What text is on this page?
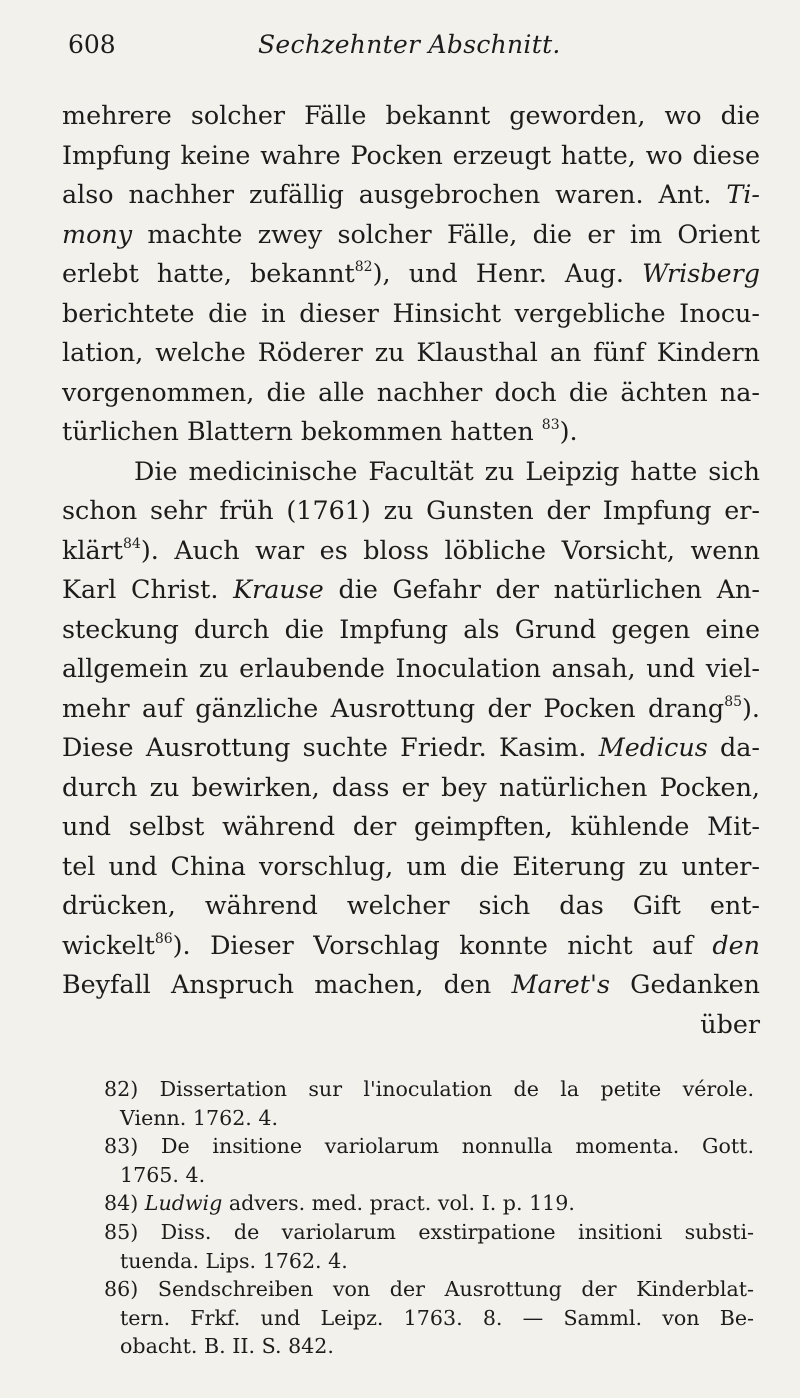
608	Sechzehnter Abschnitt.
mehrere solcher Fälle bekannt geworden, wo die
Impfung keine wahre Pocken erzeugt hatte, wo diese
also nachher zufällig ausgebrochen waren. Ant. Ti-
mony machte zwey solcher Fälle, die er im Orient
erlebt hatte, bekannt$^{82}$), und Henr. Aug. Wrisberg
berichtete die in dieser Hinsicht vergebliche Inocu-
lation, welche Röderer zu Klausthal an fünf Kindern
vorgenommen, die alle nachher doch die ächten na-
türlichen Blattern bekommen hatten $^{83}$).
Die medicinische Facultät zu Leipzig hatte sich
schon sehr früh (1761) zu Gunsten der Impfung er-
klärt$^{84}$). Auch war es bloss löbliche Vorsicht, wenn
Karl Christ. Krause die Gefahr der natürlichen An-
steckung durch die Impfung als Grund gegen eine
allgemein zu erlaubende Inoculation ansah, und viel-
mehr auf gänzliche Ausrottung der Pocken drang$^{85}$).
Diese Ausrottung suchte Friedr. Kasim. Medicus da-
durch zu bewirken, dass er bey natürlichen Pocken,
und selbst während der geimpften, kühlende Mit-
tel und China vorschlug, um die Eiterung zu unter-
drücken, während welcher sich das Gift ent-
wickelt$^{86}$). Dieser Vorschlag konnte nicht auf den
Beyfall Anspruch machen, den Maret's Gedanken
über
82) Dissertation sur l'inoculation de la petite vérole.
Vienn. 1762. 4.
83) De insitione variolarum nonnulla momenta. Gott.
1765. 4.
84) Ludwig advers. med. pract. vol. I. p. 119.
85) Diss. de variolarum exstirpatione insitioni substi-
tuenda. Lips. 1762. 4.
86) Sendschreiben von der Ausrottung der Kinderblat-
tern. Frkf. und Leipz. 1763. 8. — Samml. von Be-
obacht. B. II. S. 842.
